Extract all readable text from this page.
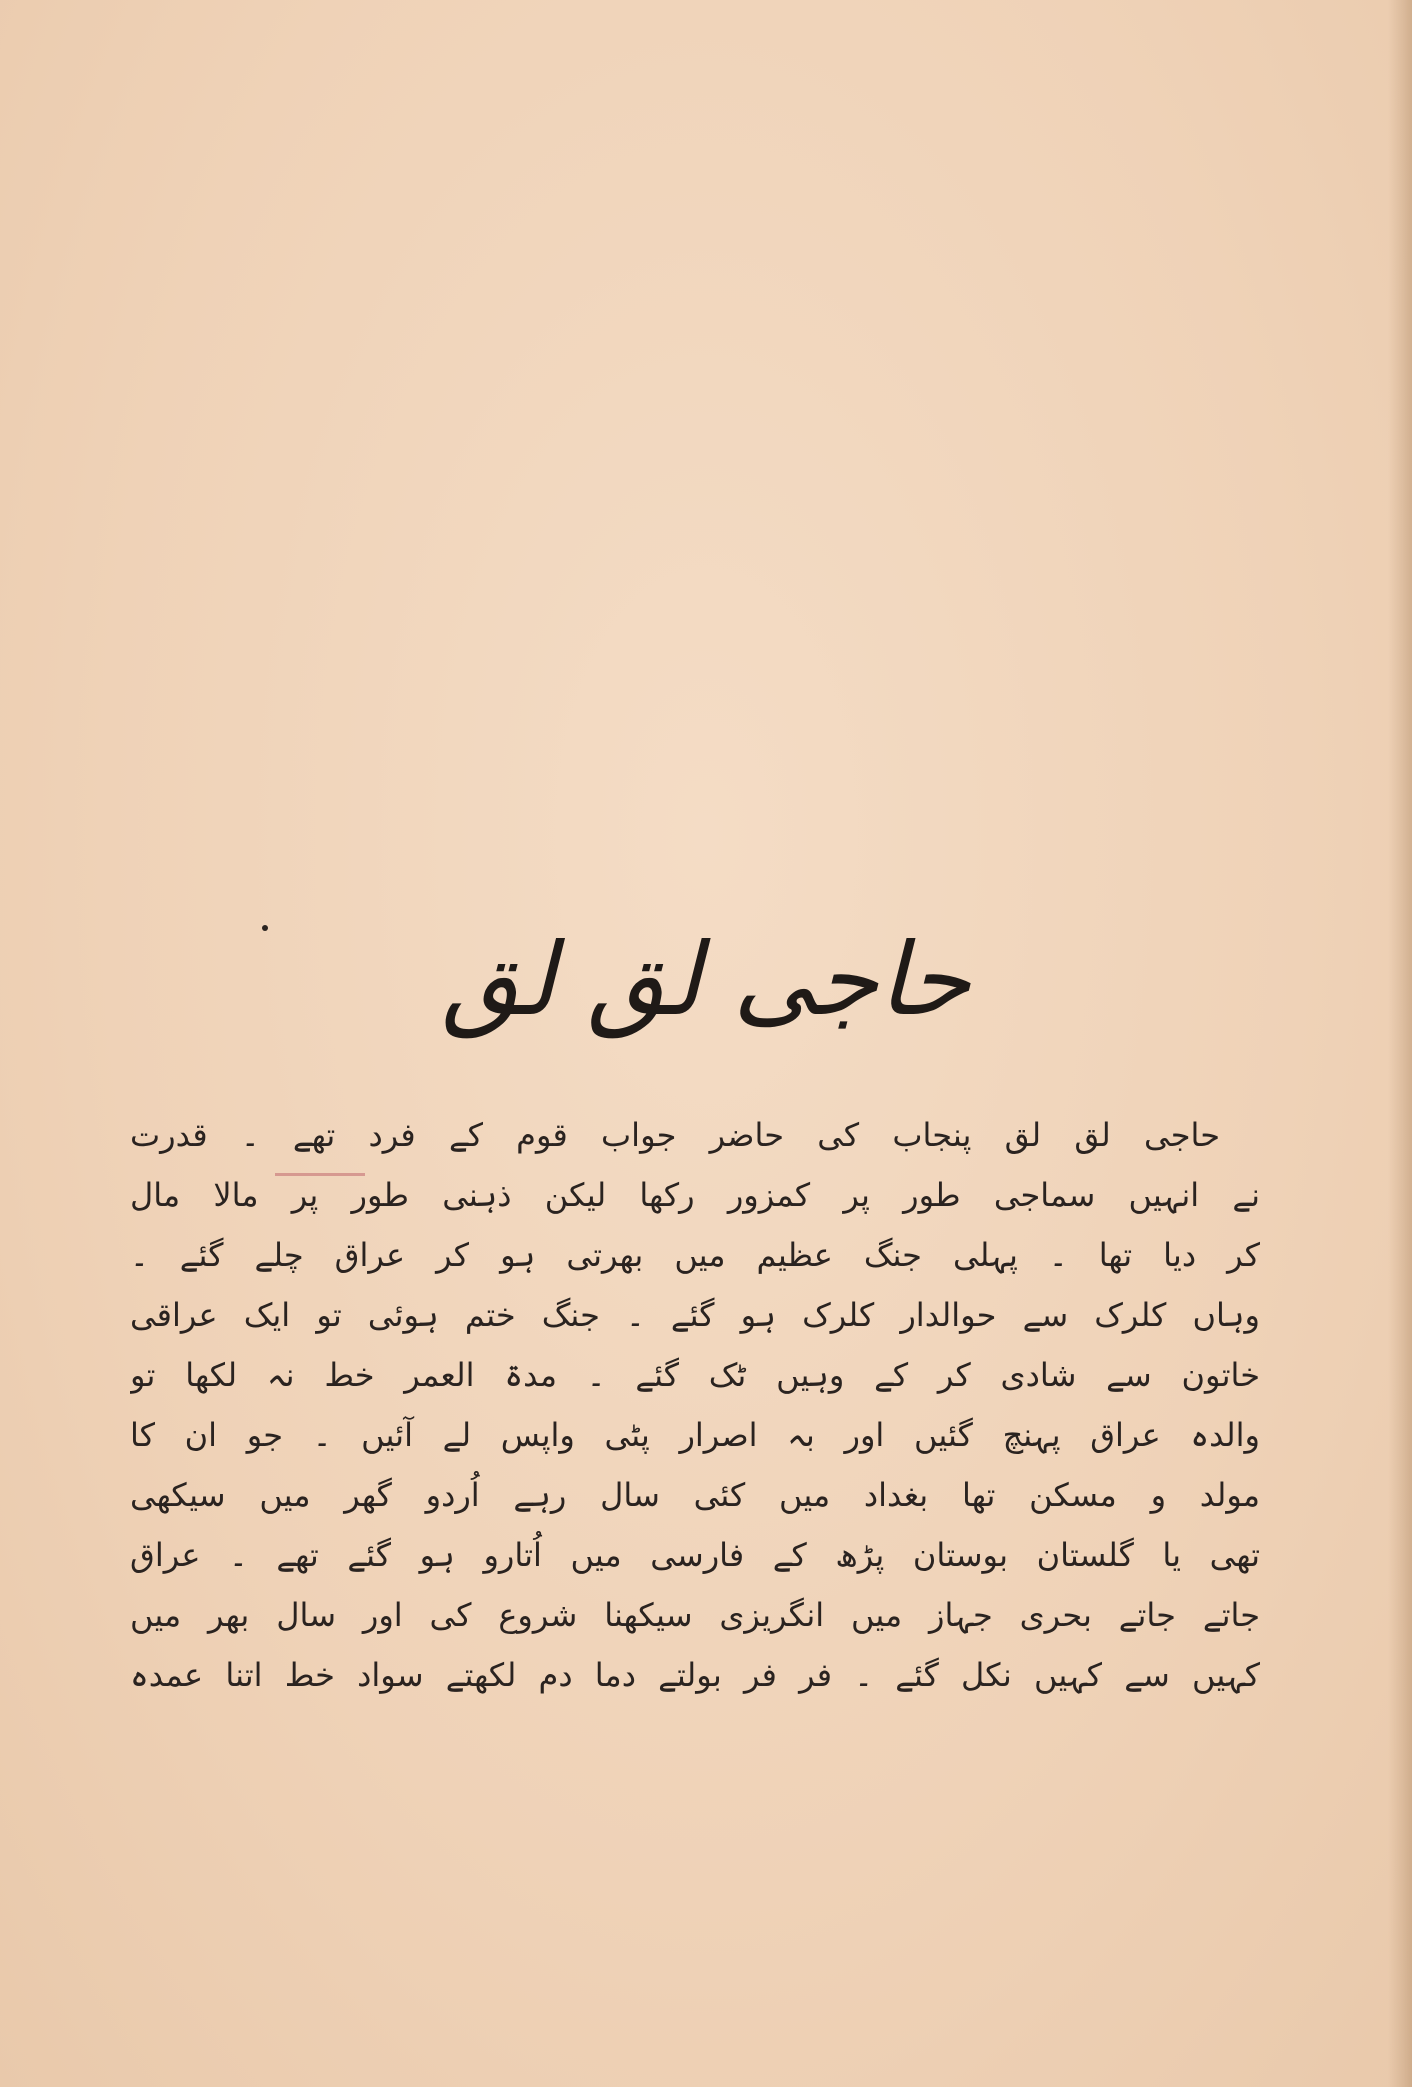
حاجی لق لق
حاجی لق لق پنجاب کی حاضر جواب قوم کے فرد تھے ۔ قدرت
نے انہیں سماجی طور پر کمزور رکھا لیکن ذہنی طور پر مالا مال
کر دیا تھا ۔ پہلی جنگ عظیم میں بھرتی ہو کر عراق چلے گئے ۔
وہاں کلرک سے حوالدار کلرک ہو گئے ۔ جنگ ختم ہوئی تو ایک عراقی
خاتون سے شادی کر کے وہیں ٹک گئے ۔ مدۃ العمر خط نہ لکھا تو
والدہ عراق پہنچ گئیں اور بہ اصرار پٹی واپس لے آئیں ۔ جو ان کا
مولد و مسکن تھا بغداد میں کئی سال رہے اُردو گھر میں سیکھی
تھی یا گلستان بوستان پڑھ کے فارسی میں اُتارو ہو گئے تھے ۔ عراق
جاتے جاتے بحری جہاز میں انگریزی سیکھنا شروع کی اور سال بھر میں
کہیں سے کہیں نکل گئے ۔ فر فر بولتے دما دم لکھتے سواد خط اتنا عمدہ
